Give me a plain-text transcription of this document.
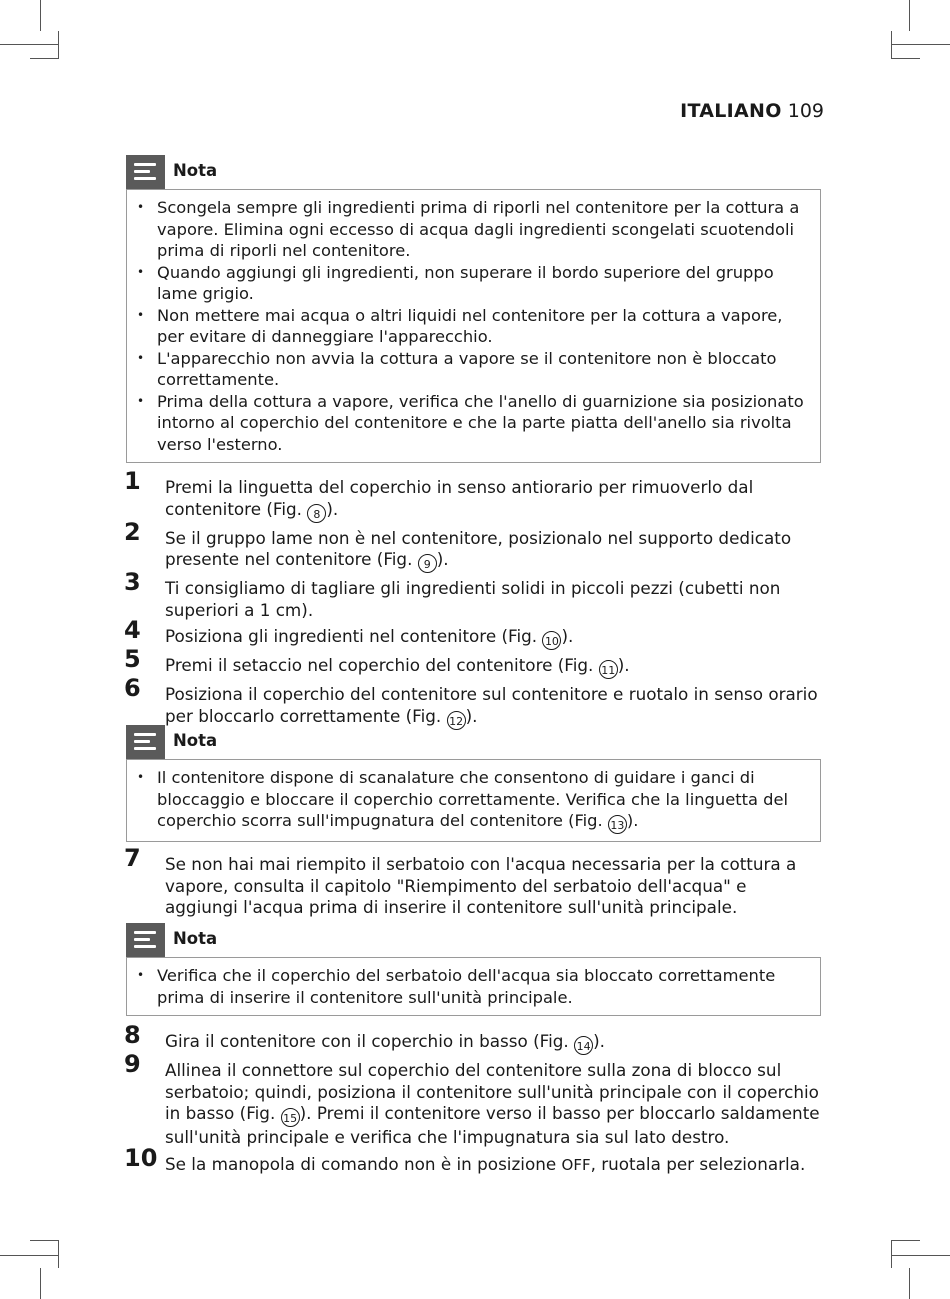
ITALIANO 109
Nota
• Scongela sempre gli ingredienti prima di riporli nel contenitore per la cottura a vapore. Elimina ogni eccesso di acqua dagli ingredienti scongelati scuotendoli prima di riporli nel contenitore.
• Quando aggiungi gli ingredienti, non superare il bordo superiore del gruppo lame grigio.
• Non mettere mai acqua o altri liquidi nel contenitore per la cottura a vapore, per evitare di danneggiare l'apparecchio.
• L'apparecchio non avvia la cottura a vapore se il contenitore non è bloccato correttamente.
• Prima della cottura a vapore, verifica che l'anello di guarnizione sia posizionato intorno al coperchio del contenitore e che la parte piatta dell'anello sia rivolta verso l'esterno.
1 Premi la linguetta del coperchio in senso antiorario per rimuoverlo dal contenitore (Fig. 8 ).
2 Se il gruppo lame non è nel contenitore, posizionalo nel supporto dedicato presente nel contenitore (Fig. 9 ).
3 Ti consigliamo di tagliare gli ingredienti solidi in piccoli pezzi (cubetti non superiori a 1 cm).
4 Posiziona gli ingredienti nel contenitore (Fig. 10 ).
5 Premi il setaccio nel coperchio del contenitore (Fig. 11 ).
6 Posiziona il coperchio del contenitore sul contenitore e ruotalo in senso orario per bloccarlo correttamente (Fig. 12 ).
Nota
• Il contenitore dispone di scanalature che consentono di guidare i ganci di bloccaggio e bloccare il coperchio correttamente. Verifica che la linguetta del coperchio scorra sull'impugnatura del contenitore (Fig. 13 ).
7 Se non hai mai riempito il serbatoio con l'acqua necessaria per la cottura a vapore, consulta il capitolo "Riempimento del serbatoio dell'acqua" e aggiungi l'acqua prima di inserire il contenitore sull'unità principale.
Nota
• Verifica che il coperchio del serbatoio dell'acqua sia bloccato correttamente prima di inserire il contenitore sull'unità principale.
8 Gira il contenitore con il coperchio in basso (Fig. 14 ).
9 Allinea il connettore sul coperchio del contenitore sulla zona di blocco sul serbatoio; quindi, posiziona il contenitore sull'unità principale con il coperchio in basso (Fig. 15 ). Premi il contenitore verso il basso per bloccarlo saldamente sull'unità principale e verifica che l'impugnatura sia sul lato destro.
10 Se la manopola di comando non è in posizione OFF, ruotala per selezionarla.
